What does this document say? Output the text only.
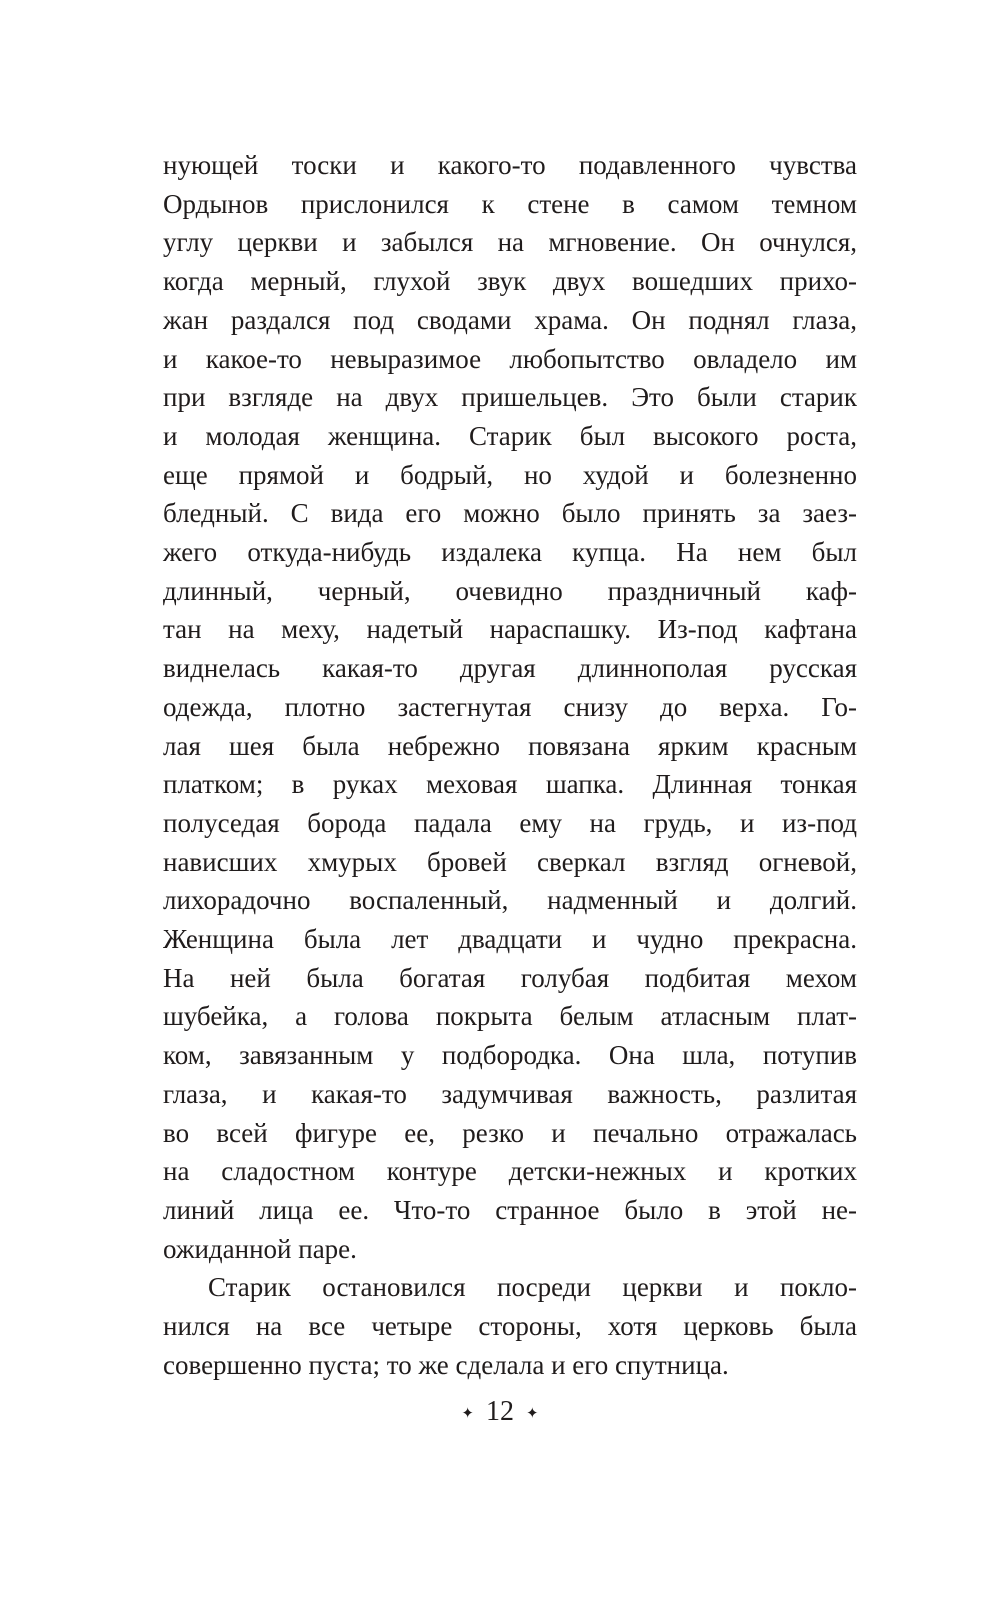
нующей тоски и какого-то подавленного чувства
Ордынов прислонился к стене в самом темном
углу церкви и забылся на мгновение. Он очнулся,
когда мерный, глухой звук двух вошедших прихо-
жан раздался под сводами храма. Он поднял глаза,
и какое-то невыразимое любопытство овладело им
при взгляде на двух пришельцев. Это были старик
и молодая женщина. Старик был высокого роста,
еще прямой и бодрый, но худой и болезненно
бледный. С вида его можно было принять за заез-
жего откуда-нибудь издалека купца. На нем был
длинный, черный, очевидно праздничный каф-
тан на меху, надетый нараспашку. Из-под кафтана
виднелась какая-то другая длиннополая русская
одежда, плотно застегнутая снизу до верха. Го-
лая шея была небрежно повязана ярким красным
платком; в руках меховая шапка. Длинная тонкая
полуседая борода падала ему на грудь, и из-под
нависших хмурых бровей сверкал взгляд огневой,
лихорадочно воспаленный, надменный и долгий.
Женщина была лет двадцати и чудно прекрасна.
На ней была богатая голубая подбитая мехом
шубейка, а голова покрыта белым атласным плат-
ком, завязанным у подбородка. Она шла, потупив
глаза, и какая-то задумчивая важность, разлитая
во всей фигуре ее, резко и печально отражалась
на сладостном контуре детски-нежных и кротких
линий лица ее. Что-то странное было в этой не-
ожиданной паре.
Старик остановился посреди церкви и покло-
нился на все четыре стороны, хотя церковь была
совершенно пуста; то же сделала и его спутница.
✦ 12 ✦
